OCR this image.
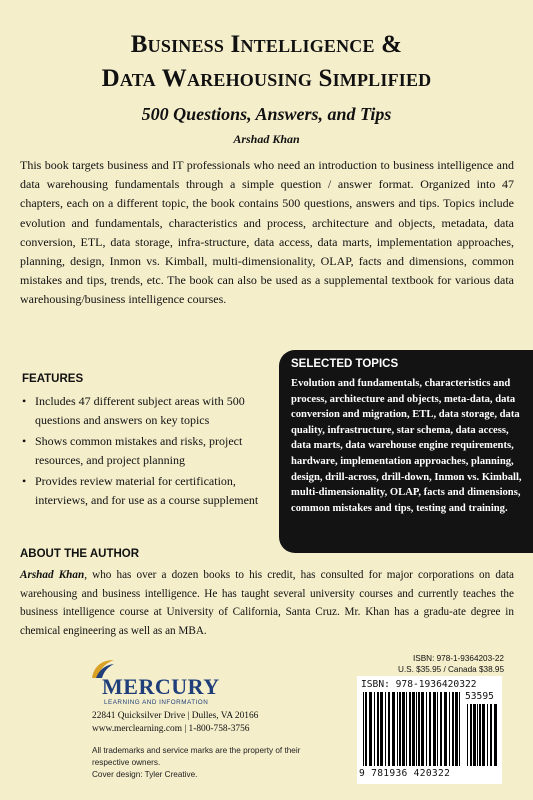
Business Intelligence &
Data Warehousing Simplified
500 Questions, Answers, and Tips
Arshad Khan
This book targets business and IT professionals who need an introduction to business intelligence and data warehousing fundamentals through a simple question / answer format. Organized into 47 chapters, each on a different topic, the book contains 500 questions, answers and tips. Topics include evolution and fundamentals, characteristics and process, architecture and objects, metadata, data conversion, ETL, data storage, infra-structure, data access, data marts, implementation approaches, planning, design, Inmon vs. Kimball, multi-dimensionality, OLAP, facts and dimensions, common mistakes and tips, trends, etc. The book can also be used as a supplemental textbook for various data warehousing/business intelligence courses.
FEATURES
• Includes 47 different subject areas with 500 questions and answers on key topics
• Shows common mistakes and risks, project resources, and project planning
• Provides review material for certification, interviews, and for use as a course supplement
SELECTED TOPICS
Evolution and fundamentals, characteristics and process, architecture and objects, meta-data, data conversion and migration, ETL, data storage, data quality, infrastructure, star schema, data access, data marts, data warehouse engine requirements, hardware, implementation approaches, planning, design, drill-across, drill-down, Inmon vs. Kimball, multi-dimensionality, OLAP, facts and dimensions, common mistakes and tips, testing and training.
ABOUT THE AUTHOR
Arshad Khan, who has over a dozen books to his credit, has consulted for major corporations on data warehousing and business intelligence. He has taught several university courses and currently teaches the business intelligence course at University of California, Santa Cruz. Mr. Khan has a gradu-ate degree in chemical engineering as well as an MBA.
MERCURY
LEARNING AND INFORMATION
22841 Quicksilver Drive | Dulles, VA 20166
www.merclearning.com | 1-800-758-3756
All trademarks and service marks are the property of their respective owners.
Cover design: Tyler Creative.
ISBN: 978-1-9364203-22
U.S. $35.95 / Canada $38.95
ISBN: 978-1936420322
53595
9 781936 420322
